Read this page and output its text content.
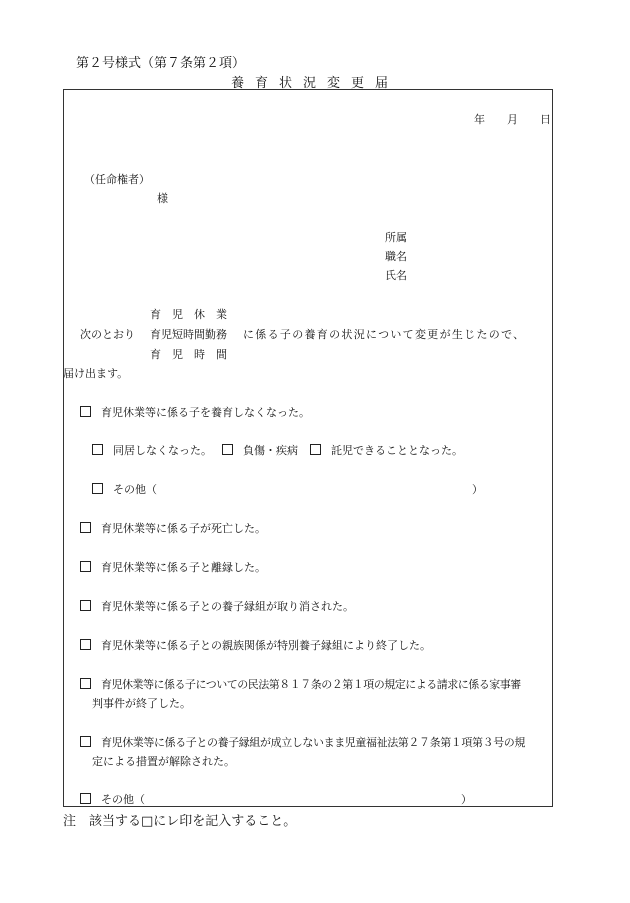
第２号様式（第７条第２項）
養育状況変更届
年 月 日
（任命権者）
様
所属
職名
氏名
育　児　休　業
次のとおり 育児短時間勤務 に係る子の養育の状況について変更が生じたので、
育　児　時　間
届け出ます。
育児休業等に係る子を養育しなくなった。
同居しなくなった。	負傷・疾病	託児できることとなった。
その他（	）
育児休業等に係る子が死亡した。
育児休業等に係る子と離縁した。
育児休業等に係る子との養子縁組が取り消された。
育児休業等に係る子との親族関係が特別養子縁組により終了した。
育児休業等に係る子についての民法第８１７条の２第１項の規定による請求に係る家事審
判事件が終了した。
育児休業等に係る子との養子縁組が成立しないまま児童福祉法第２７条第１項第３号の規
定による措置が解除された。
その他（	）
注　該当する□にレ印を記入すること。
